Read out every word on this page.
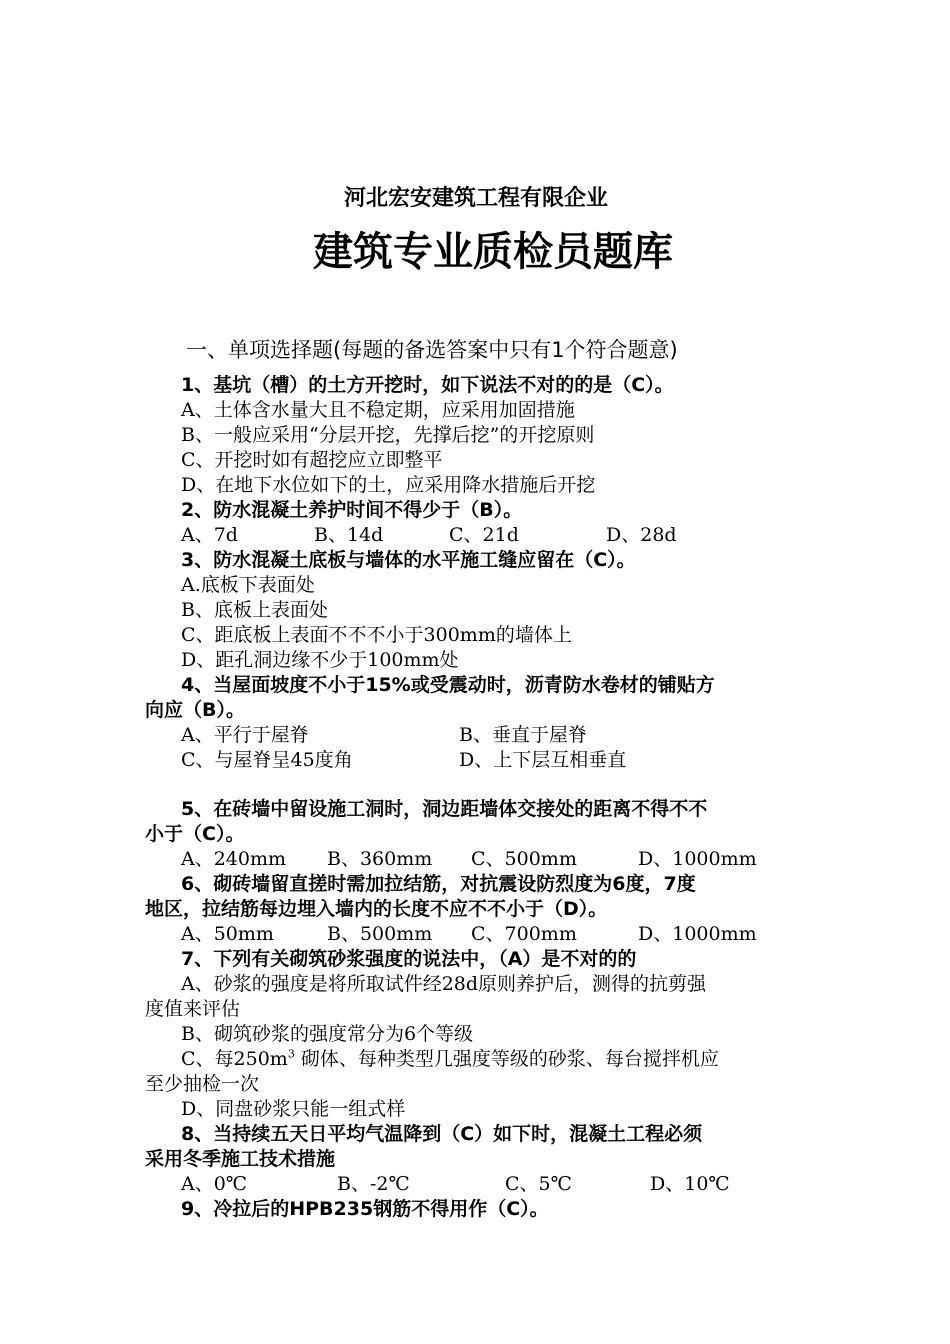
河北宏安建筑工程有限企业
建筑专业质检员题库
一、单项选择题(每题的备选答案中只有1个符合题意)
1、基坑（槽）的土方开挖时，如下说法不对的的是（C）。
A、土体含水量大且不稳定期，应采用加固措施
B、一般应采用“分层开挖，先撑后挖”的开挖原则
C、开挖时如有超挖应立即整平
D、在地下水位如下的土，应采用降水措施后开挖
2、防水混凝土养护时间不得少于（B）。
A、7d	B、14d	C、21d	D、28d
3、防水混凝土底板与墙体的水平施工缝应留在（C）。
A.底板下表面处
B、底板上表面处
C、距底板上表面不不不小于300mm的墙体上
D、距孔洞边缘不少于100mm处
4、当屋面坡度不小于15%或受震动时，沥青防水卷材的铺贴方
向应（B）。
A、平行于屋脊	B、垂直于屋脊
C、与屋脊呈45度角	D、上下层互相垂直
5、在砖墙中留设施工洞时，洞边距墙体交接处的距离不得不不
小于（C）。
A、240mm B、360mm C、500mm	D、1000mm
6、砌砖墙留直搓时需加拉结筋，对抗震设防烈度为6度，7度
地区，拉结筋每边埋入墙内的长度不应不不小于（D）。
A、50mm	B、500mm C、700mm	D、1000mm
7、下列有关砌筑砂浆强度的说法中，（A）是不对的的
A、砂浆的强度是将所取试件经28d原则养护后，测得的抗剪强
度值来评估
B、砌筑砂浆的强度常分为6个等级
C、每$250m^3$ 砌体、每种类型几强度等级的砂浆、每台搅拌机应
至少抽检一次
D、同盘砂浆只能一组式样
8、当持续五天日平均气温降到（C）如下时，混凝土工程必须
采用冬季施工技术措施
A、0℃	B、-2℃	C、5℃	D、10℃
9、冷拉后的HPB235钢筋不得用作（C）。
